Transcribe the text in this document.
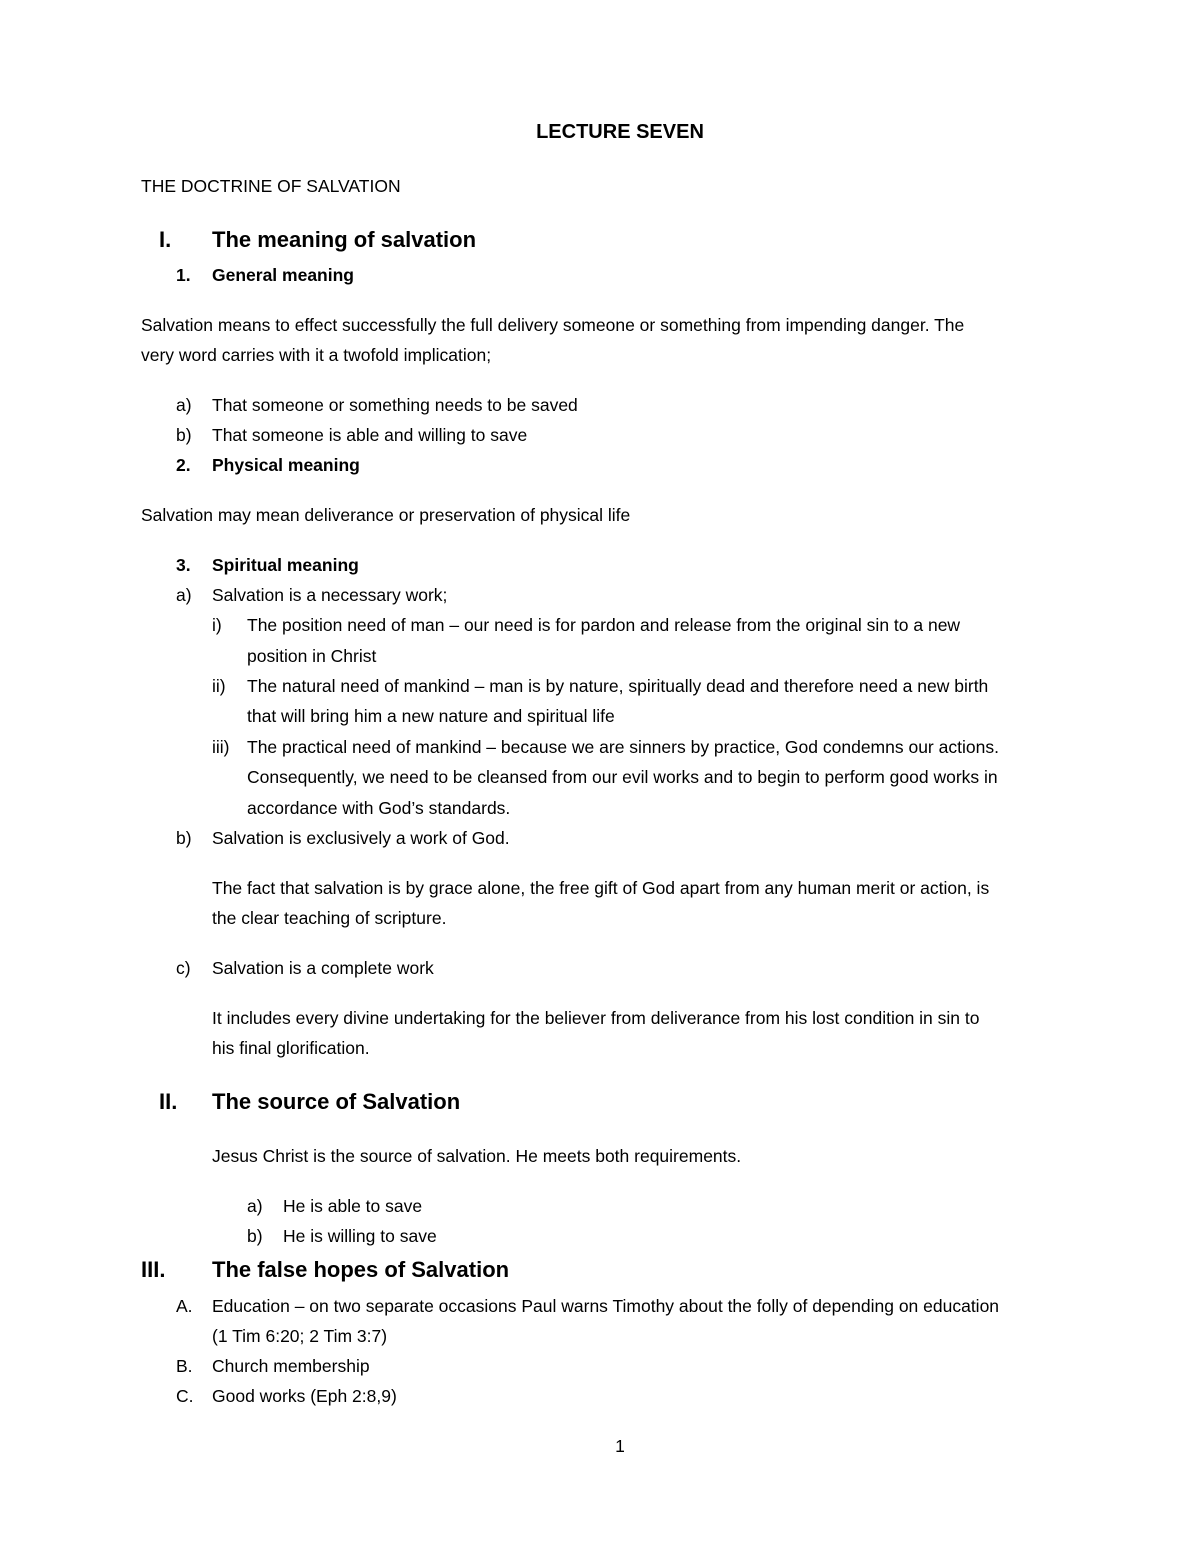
LECTURE SEVEN
THE DOCTRINE OF SALVATION
I. The meaning of salvation
1. General meaning
Salvation means to effect successfully the full delivery someone or something from impending danger. The
very word carries with it a twofold implication;
a) That someone or something needs to be saved
b) That someone is able and willing to save
2. Physical meaning
Salvation may mean deliverance or preservation of physical life
3. Spiritual meaning
a) Salvation is a necessary work;
i) The position need of man – our need is for pardon and release from the original sin to a new
position in Christ
ii) The natural need of mankind – man is by nature, spiritually dead and therefore need a new birth
that will bring him a new nature and spiritual life
iii) The practical need of mankind – because we are sinners by practice, God condemns our actions.
Consequently, we need to be cleansed from our evil works and to begin to perform good works in
accordance with God’s standards.
b) Salvation is exclusively a work of God.
The fact that salvation is by grace alone, the free gift of God apart from any human merit or action, is
the clear teaching of scripture.
c) Salvation is a complete work
It includes every divine undertaking for the believer from deliverance from his lost condition in sin to
his final glorification.
II. The source of Salvation
Jesus Christ is the source of salvation. He meets both requirements.
a) He is able to save
b) He is willing to save
III. The false hopes of Salvation
A. Education – on two separate occasions Paul warns Timothy about the folly of depending on education
(1 Tim 6:20; 2 Tim 3:7)
B. Church membership
C. Good works (Eph 2:8,9)
1
